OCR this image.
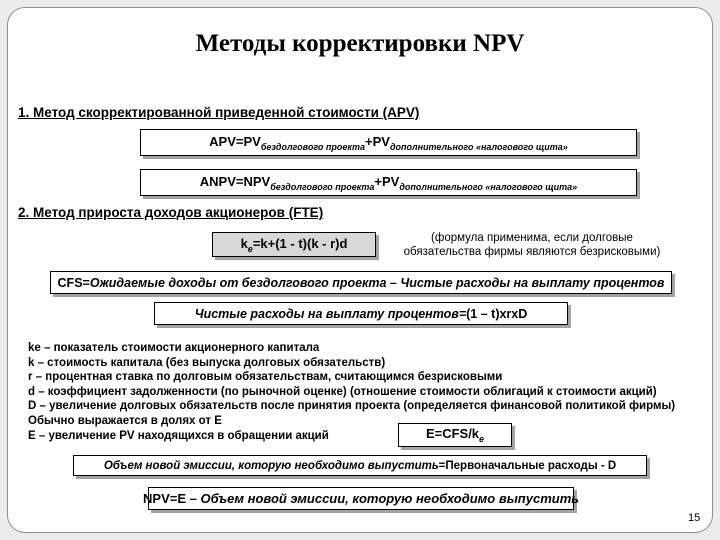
Методы корректировки NPV
1. Метод скорректированной приведенной стоимости (APV)
$APV=PV_{бездолгового проекта}+PV_{дополнительного «налогового щита»}$
$ANPV=NPV_{бездолгового проекта}+PV_{дополнительного «налогового щита»}$
2. Метод прироста доходов акционеров (FTE)
$k_e=k+(1 - t)(k - r)d$	(формула применима, если долговые обязательства фирмы являются безрисковыми)
CFS=Ожидаемые доходы от бездолгового проекта – Чистые расходы на выплату процентов
Чистые расходы на выплату процентов=(1 – t)xrxD
ke – показатель стоимости акционерного капитала
k – стоимость капитала (без выпуска долговых обязательств)
r – процентная ставка по долговым обязательствам, считающимся безрисковыми
d – коэффициент задолженности (по рыночной оценке) (отношение стоимости облигаций к стоимости акций)
D – увеличение долговых обязательств после принятия проекта (определяется финансовой политикой фирмы) Обычно выражается в долях от E
E – увеличение PV находящихся в обращении акций	$E=CFS/k_e$
Объем новой эмиссии, которую необходимо выпустить=Первоначальные расходы - D
NPV=E – Объем новой эмиссии, которую необходимо выпустить
15
